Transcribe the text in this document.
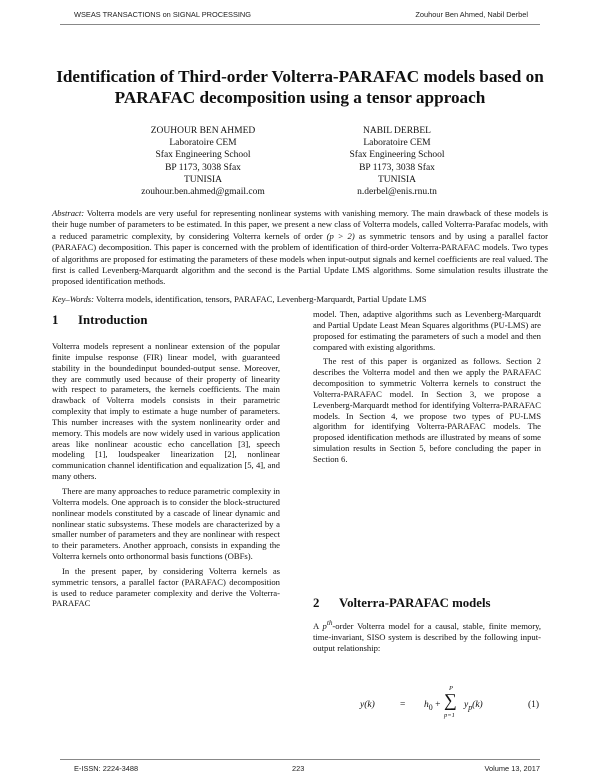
WSEAS TRANSACTIONS on SIGNAL PROCESSING	Zouhour Ben Ahmed, Nabil Derbel
Identification of Third-order Volterra-PARAFAC models based on PARAFAC decomposition using a tensor approach
ZOUHOUR BEN AHMED
Laboratoire CEM
Sfax Engineering School
BP 1173, 3038 Sfax
TUNISIA
zouhour.ben.ahmed@gmail.com
NABIL DERBEL
Laboratoire CEM
Sfax Engineering School
BP 1173, 3038 Sfax
TUNISIA
n.derbel@enis.rnu.tn
Abstract: Volterra models are very useful for representing nonlinear systems with vanishing memory. The main drawback of these models is their huge number of parameters to be estimated. In this paper, we present a new class of Volterra models, called Volterra-Parafac models, with a reduced parametric complexity, by considering Volterra kernels of order (p > 2) as symmetric tensors and by using a parallel factor (PARAFAC) decomposition. This paper is concerned with the problem of identification of third-order Volterra-PARAFAC models. Two types of algorithms are proposed for estimating the parameters of these models when input-output signals and kernel coefficients are real valued. The first is called Levenberg-Marquardt algorithm and the second is the Partial Update LMS algorithms. Some simulation results illustrate the proposed identification methods.
Key–Words: Volterra models, identification, tensors, PARAFAC, Levenberg-Marquardt, Partial Update LMS
1 Introduction

Volterra models represent a nonlinear extension of the popular finite impulse response (FIR) linear model, with guaranteed stability in the boundedinput bounded-output sense. Moreover, they are commutly used because of their property of linearity with respect to parameters, the kernels coefficients. The main drawback of Volterra models consists in their parametric complexity that imply to estimate a huge number of parameters. This number increases with the system nonlinearity order and memory. This models are now widely used in various application areas like nonlinear acoustic echo cancellation [3], speech modeling [1], loudspeaker linearization [2], nonlinear communication channel identification and equalization [5, 4], and many others.

There are many approaches to reduce parametric complexity in Volterra models. One approach is to consider the block-structured nonlinear models constituted by a cascade of linear dynamic and nonlinear static subsystems. These models are characterized by a smaller number of parameters and they are nonlinear with respect to their parameters. Another approach, consists in expanding the Volterra kernels onto orthonormal basis functions (OBFs).

In the present paper, by considering Volterra kernels as symmetric tensors, a parallel factor (PARAFAC) decomposition is used to reduce parameter complexity and derive the Volterra-PARAFAC

model. Then, adaptive algorithms such as Levenberg-Marquardt and Partial Update Least Mean Squares algorithms (PU-LMS) are proposed for estimating the parameters of such a model and then compared with existing algorithms.

The rest of this paper is organized as follows. Section 2 describes the Volterra model and then we apply the PARAFAC decomposition to symmetric Volterra kernels to construct the Volterra-PARAFAC model. In Section 3, we propose a Levenberg-Marquardt method for identifying Volterra-PARAFAC models. In Section 4, we propose two types of PU-LMS algorithm for identifying Volterra-PARAFAC models. The proposed identification methods are illustrated by means of some simulation results in Section 5, before concluding the paper in Section 6.

2 Volterra-PARAFAC models

A $p^{th}$-order Volterra model for a causal, stable, finite memory, time-invariant, SISO system is described by the following input-output relationship:

y(k)	= $h_0$ +
P
∑
p=1
$y_p(k)$	(1)
E-ISSN: 2224-3488	223	Volume 13, 2017
